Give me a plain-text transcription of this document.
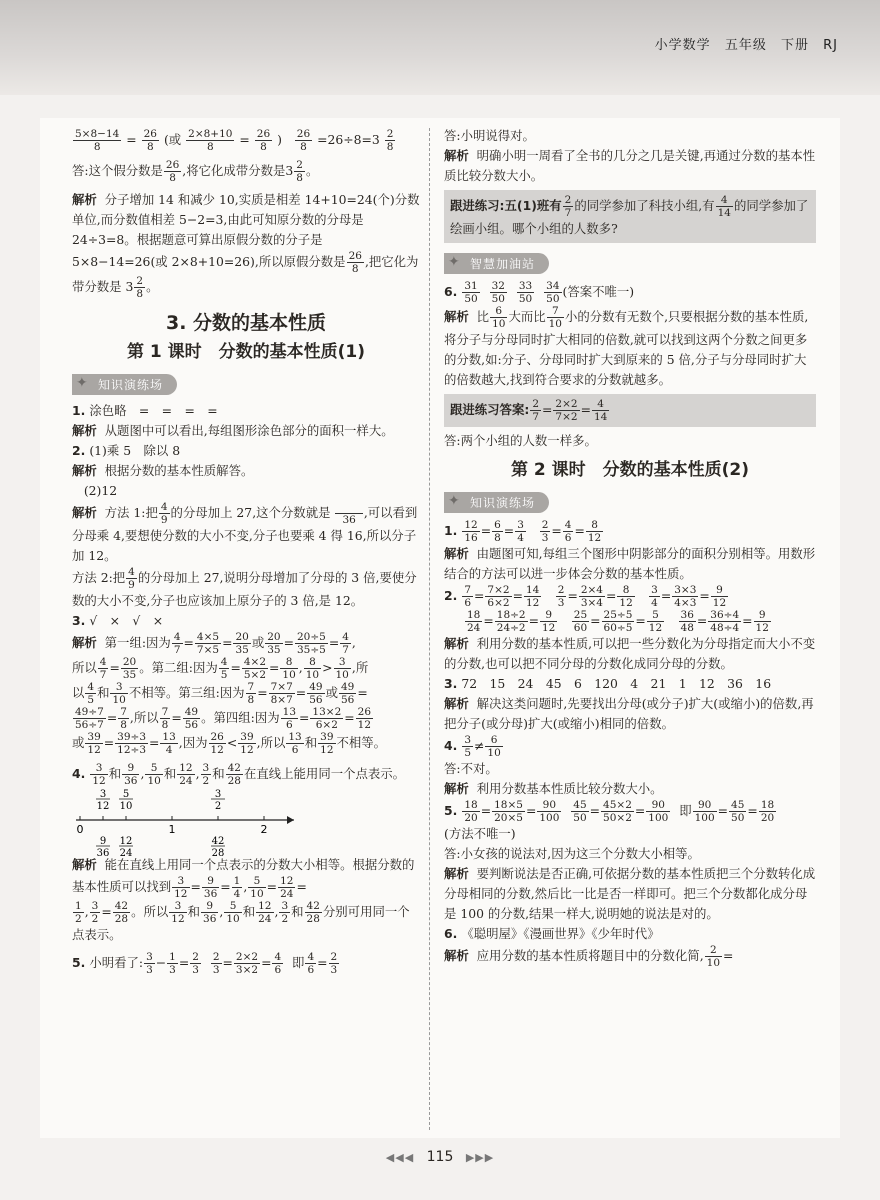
小学数学 五年级 下册 RJ

$\frac{5\times 8-14}{8} = \frac{26}{8}$ (或 $\frac{2\times 8+10}{8} = \frac{26}{8}$ ) $\frac{26}{8} =26\div 8=3 \frac{2}{8}$

答:这个假分数是 $\frac{26}{8}$ ,将它化成带分数是$3 \frac{2}{8}$ 。

解析 分子增加 14 和减少 10,实质是相差 14+10=24(个)分数单位,而分数值相差 5−2=3,由此可知原分数的分母是 24÷3=8。根据题意可算出原假分数的分子是 5×8−14=26(或 2×8+10=26),所以原假分数是 $\frac{26}{8}$ ,把它化为带分数是 $3 \frac{2}{8}$ 。

3. 分数的基本性质
第 1 课时　分数的基本性质(1)
✦ 知识演练场

1. 涂色略　=　=　=　=

解析 从题图中可以看出,每组图形涂色部分的面积一样大。

2. (1)乘 5　除以 8

解析 根据分数的基本性质解答。

(2)12

解析 方法 1:把 $\frac{4}{9}$ 的分母加上 27,这个分数就是
	36 ,可以看到分母乘 4,要想使分数的大小不变,分子也要乘 4 得 16,所以分子加 12。

方法 2:把 $\frac{4}{9}$ 的分母加上 27,说明分母增加了分母的 3 倍,要使分数的大小不变,分子也应该加上原分子的 3 倍,是 12。

3. √　×　√　×

解析 第一组:因为 $\frac{4}{7} = \frac{4\times 5}{7\times 5} = \frac{20}{35}$ 或 $\frac{20}{35} = \frac{20\div 5}{35\div 5} = \frac{4}{7}$ ,

所以 $\frac{4}{7} = \frac{20}{35}$ 。第二组:因为 $\frac{4}{5} = \frac{4\times 2}{5\times 2} = \frac{8}{10}$ , $\frac{8}{10} > \frac{3}{10}$ ,所

以 $\frac{4}{5}$ 和 $\frac{3}{10}$ 不相等。第三组:因为 $\frac{7}{8} = \frac{7\times 7}{8\times 7} = \frac{49}{56}$ 或 $\frac{49}{56}$ =

$\frac{49\div 7}{56\div 7} = \frac{7}{8}$ ,所以 $\frac{7}{8} = \frac{49}{56}$ 。第四组:因为 $\frac{13}{6} = \frac{13\times 2}{6\times 2} = \frac{26}{12}$

或 $\frac{39}{12} = \frac{39\div 3}{12\div 3} = \frac{13}{4}$ ,因为 $\frac{26}{12} < \frac{39}{12}$ ,所以 $\frac{13}{6}$ 和 $\frac{39}{12}$ 不相等。

4. $\frac{3}{12}$ 和 $\frac{9}{36}$ , $\frac{5}{10}$ 和 $\frac{12}{24}$ , $\frac{3}{2}$ 和 $\frac{42}{28}$ 在直线上能用同一个点表示。

0	1	2
3
12
5
10
3
2
9
36
12
24
42
28

解析 能在直线上用同一个点表示的分数大小相等。根据分数的基本性质可以找到 $\frac{3}{12} = \frac{9}{36} = \frac{1}{4}$ , $\frac{5}{10} = \frac{12}{24}$ =

$\frac{1}{2}$ , $\frac{3}{2} = \frac{42}{28}$ 。所以 $\frac{3}{12}$ 和 $\frac{9}{36}$ , $\frac{5}{10}$ 和 $\frac{12}{24}$ , $\frac{3}{2}$ 和 $\frac{42}{28}$ 分别可用同一个点表示。

5. 小明看了: $\frac{3}{3} - \frac{1}{3} = \frac{2}{3}$
$\frac{2}{3} = \frac{2\times 2}{3\times 2} = \frac{4}{6}$ 即 $\frac{4}{6} = \frac{2}{3}$

答:小明说得对。

解析 明确小明一周看了全书的几分之几是关键,再通过分数的基本性质比较分数大小。

跟进练习:五(1)班有 $\frac{2}{7}$ 的同学参加了科技小组,有 $\frac{4}{14}$ 的同学参加了绘画小组。哪个小组的人数多?

✦ 智慧加油站

6. $\frac{31}{50}$
$\frac{32}{50}$
$\frac{33}{50}$
$\frac{34}{50}$ (答案不唯一)

解析 比 $\frac{6}{10}$ 大而比 $\frac{7}{10}$ 小的分数有无数个,只要根据分数的基本性质,将分子与分母同时扩大相同的倍数,就可以找到这两个分数之间更多的分数,如:分子、分母同时扩大到原来的 5 倍,分子与分母同时扩大的倍数越大,找到符合要求的分数就越多。

跟进练习答案: $\frac{2}{7} = \frac{2\times 2}{7\times 2} = \frac{4}{14}$

答:两个小组的人数一样多。

第 2 课时　分数的基本性质(2)
✦ 知识演练场

1. $\frac{12}{16} = \frac{6}{8} = \frac{3}{4}$
$\frac{2}{3} = \frac{4}{6} = \frac{8}{12}$

解析 由题图可知,每组三个图形中阴影部分的面积分别相等。用数形结合的方法可以进一步体会分数的基本性质。

2. $\frac{7}{6} = \frac{7\times 2}{6\times 2} = \frac{14}{12}$
　 $\frac{2}{3} = \frac{2\times 4}{3\times 4} = \frac{8}{12}$
　 $\frac{3}{4} = \frac{3\times 3}{4\times 3} = \frac{9}{12}$

$\frac{18}{24} = \frac{18\div 2}{24\div 2} = \frac{9}{12}$
　 $\frac{25}{60} = \frac{25\div 5}{60\div 5} = \frac{5}{12}$
　 $\frac{36}{48} = \frac{36\div 4}{48\div 4} = \frac{9}{12}$

解析 利用分数的基本性质,可以把一些分数化为分母指定而大小不变的分数,也可以把不同分母的分数化成同分母的分数。

3. 72　15　24　45　6　120　4　21　1　12　36　16

解析 解决这类问题时,先要找出分母(或分子)扩大(或缩小)的倍数,再把分子(或分母)扩大(或缩小)相同的倍数。

4. $\frac{3}{5} \ne \frac{6}{10}$

答:不对。

解析 利用分数基本性质比较分数大小。

5. $\frac{18}{20} = \frac{18\times 5}{20\times 5} = \frac{90}{100}$
$\frac{45}{50} = \frac{45\times 2}{50\times 2} = \frac{90}{100}$ 即 $\frac{90}{100} = \frac{45}{50} = \frac{18}{20}$

(方法不唯一)

答:小女孩的说法对,因为这三个分数大小相等。

解析 要判断说法是否正确,可依据分数的基本性质把三个分数转化成分母相同的分数,然后比一比是否一样即可。把三个分数都化成分母是 100 的分数,结果一样大,说明她的说法是对的。

6. 《聪明屋》《漫画世界》《少年时代》

解析 应用分数的基本性质将题目中的分数化简, $\frac{2}{10}$ =

◀◀◀ 115 ▶▶▶
